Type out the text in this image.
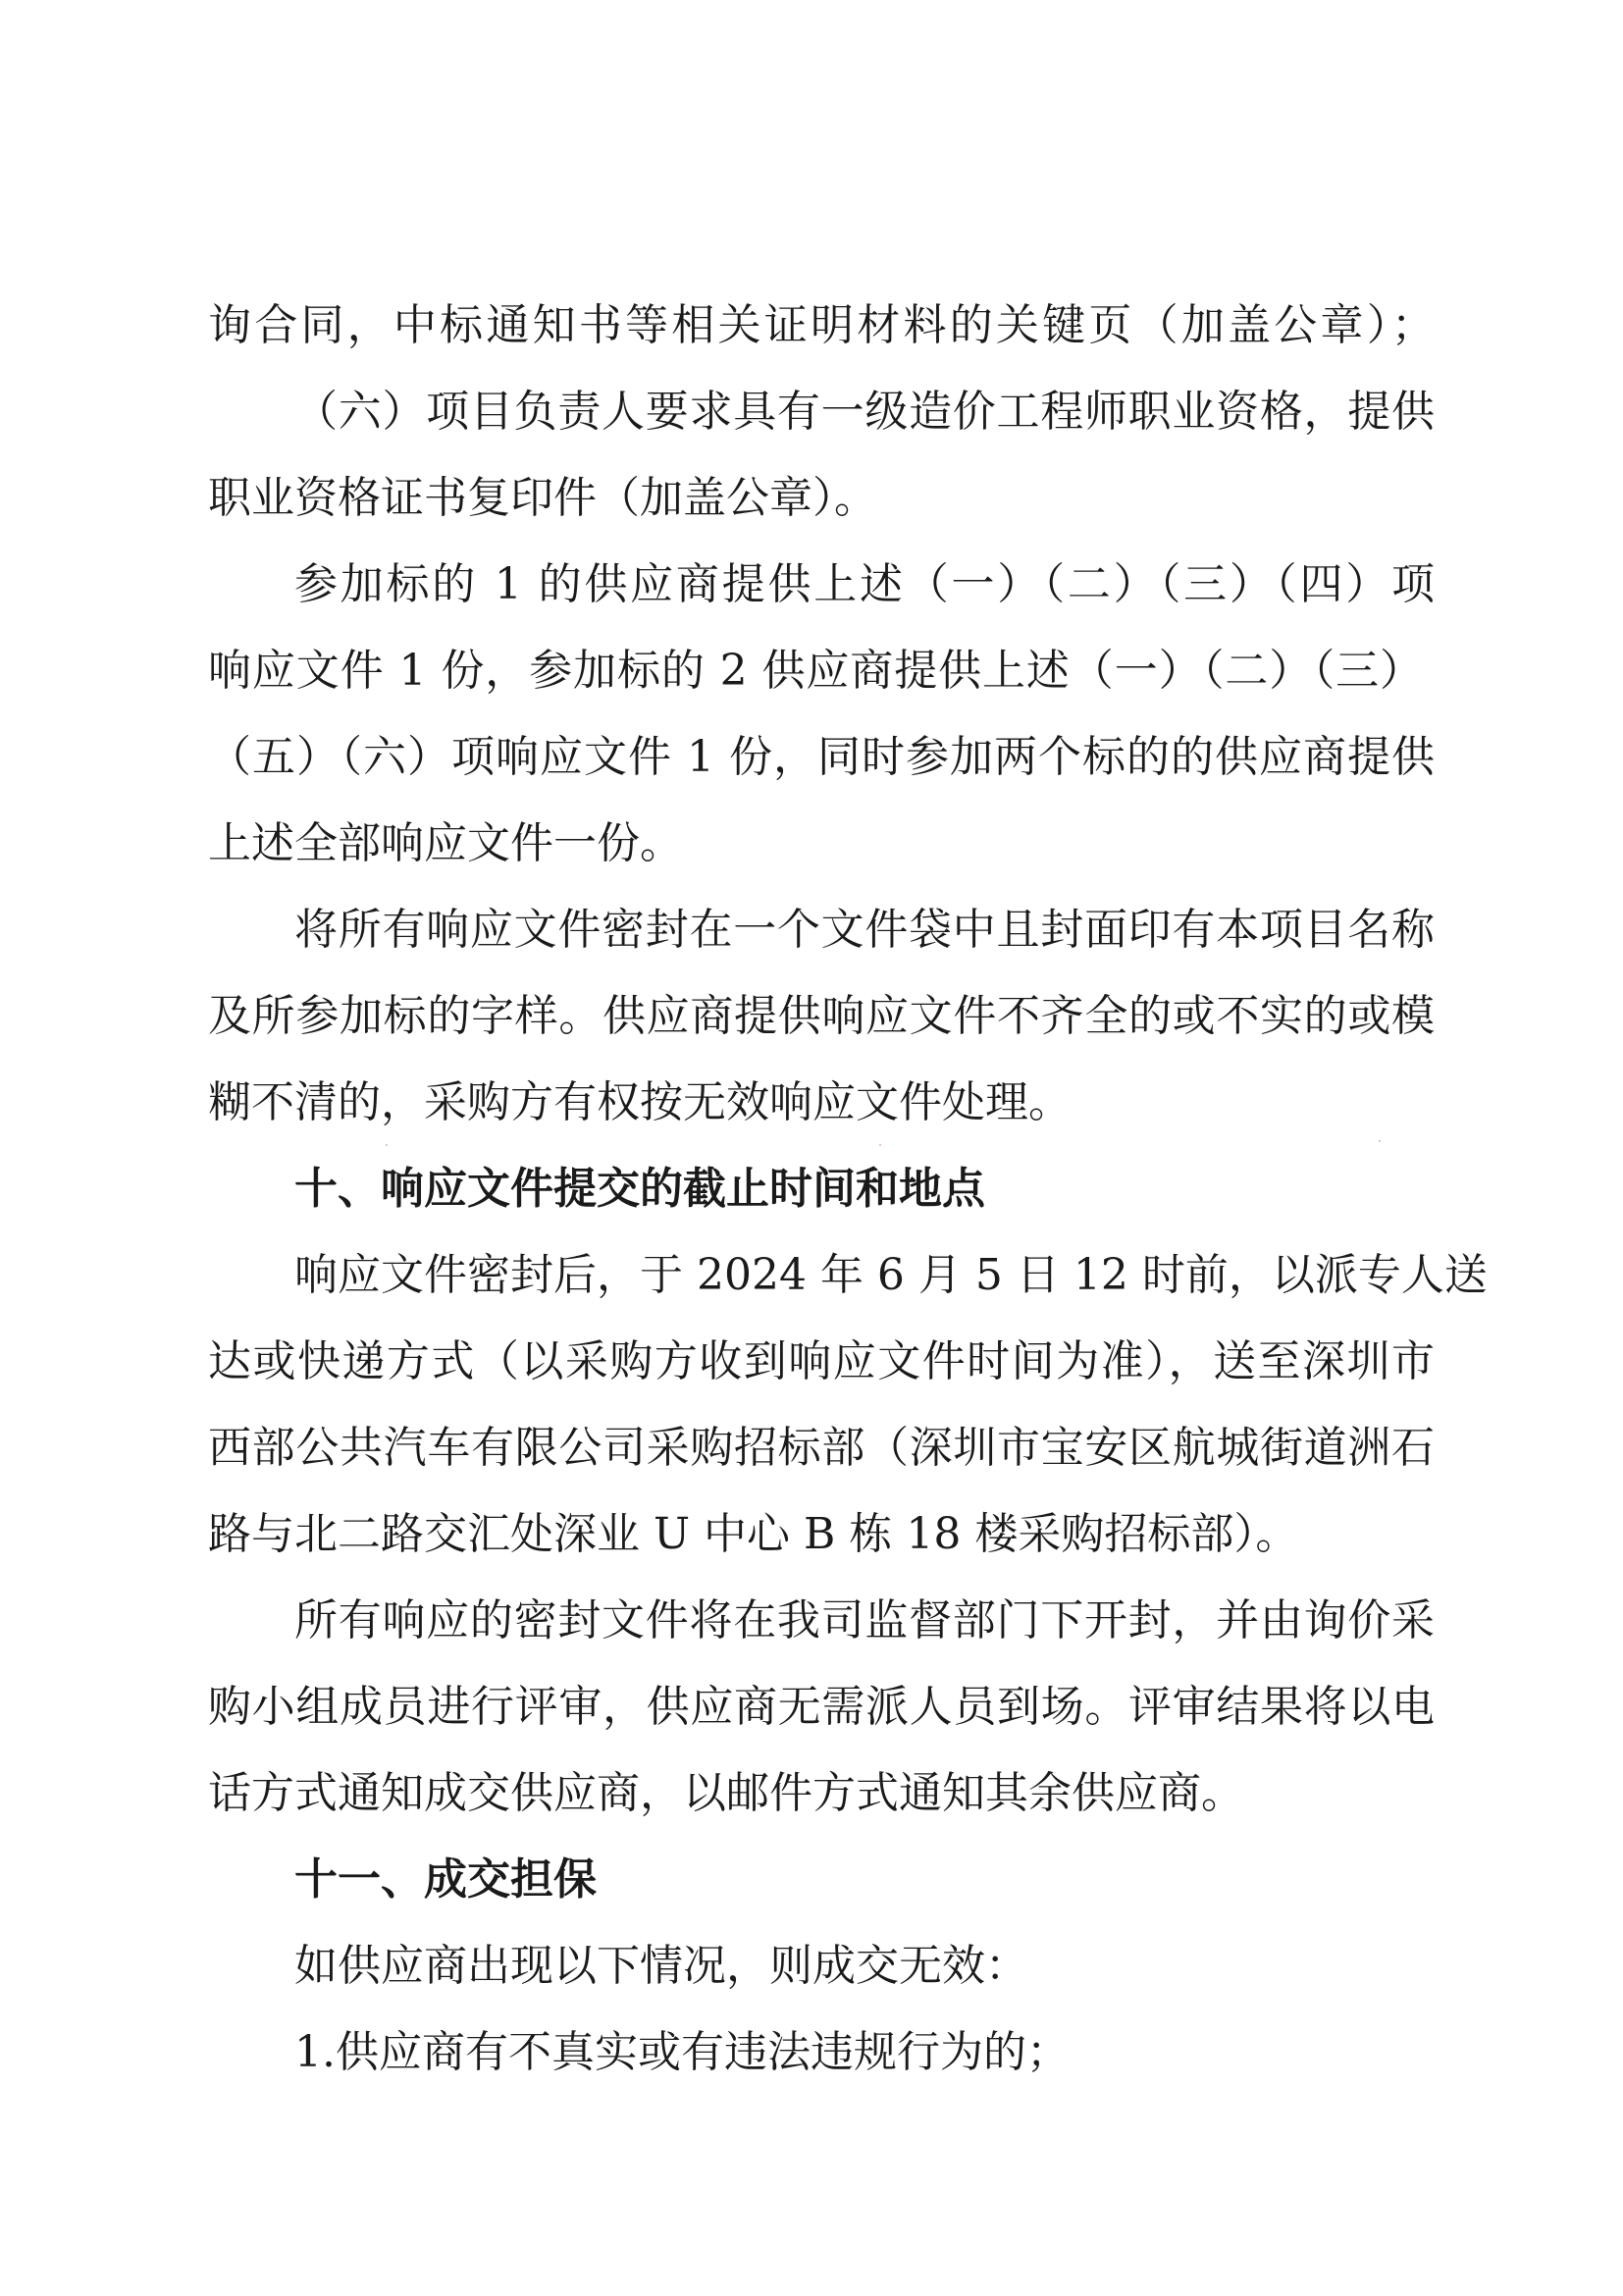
询合同，中标通知书等相关证明材料的关键页（加盖公章）；
（六）项目负责人要求具有一级造价工程师职业资格，提供
职业资格证书复印件（加盖公章）。
参加标的 1 的供应商提供上述（一）（二）（三）（四）项
响应文件 1 份，参加标的 2 供应商提供上述（一）（二）（三）
（五）（六）项响应文件 1 份，同时参加两个标的的供应商提供
上述全部响应文件一份。
将所有响应文件密封在一个文件袋中且封面印有本项目名称
及所参加标的字样。供应商提供响应文件不齐全的或不实的或模
糊不清的，采购方有权按无效响应文件处理。
十、响应文件提交的截止时间和地点
响应文件密封后，于 2024 年 6 月 5 日 12 时前，以派专人送
达或快递方式（以采购方收到响应文件时间为准），送至深圳市
西部公共汽车有限公司采购招标部（深圳市宝安区航城街道洲石
路与北二路交汇处深业 U 中心 B 栋 18 楼采购招标部）。
所有响应的密封文件将在我司监督部门下开封，并由询价采
购小组成员进行评审，供应商无需派人员到场。评审结果将以电
话方式通知成交供应商，以邮件方式通知其余供应商。
十一、成交担保
如供应商出现以下情况，则成交无效：
1.供应商有不真实或有违法违规行为的；
